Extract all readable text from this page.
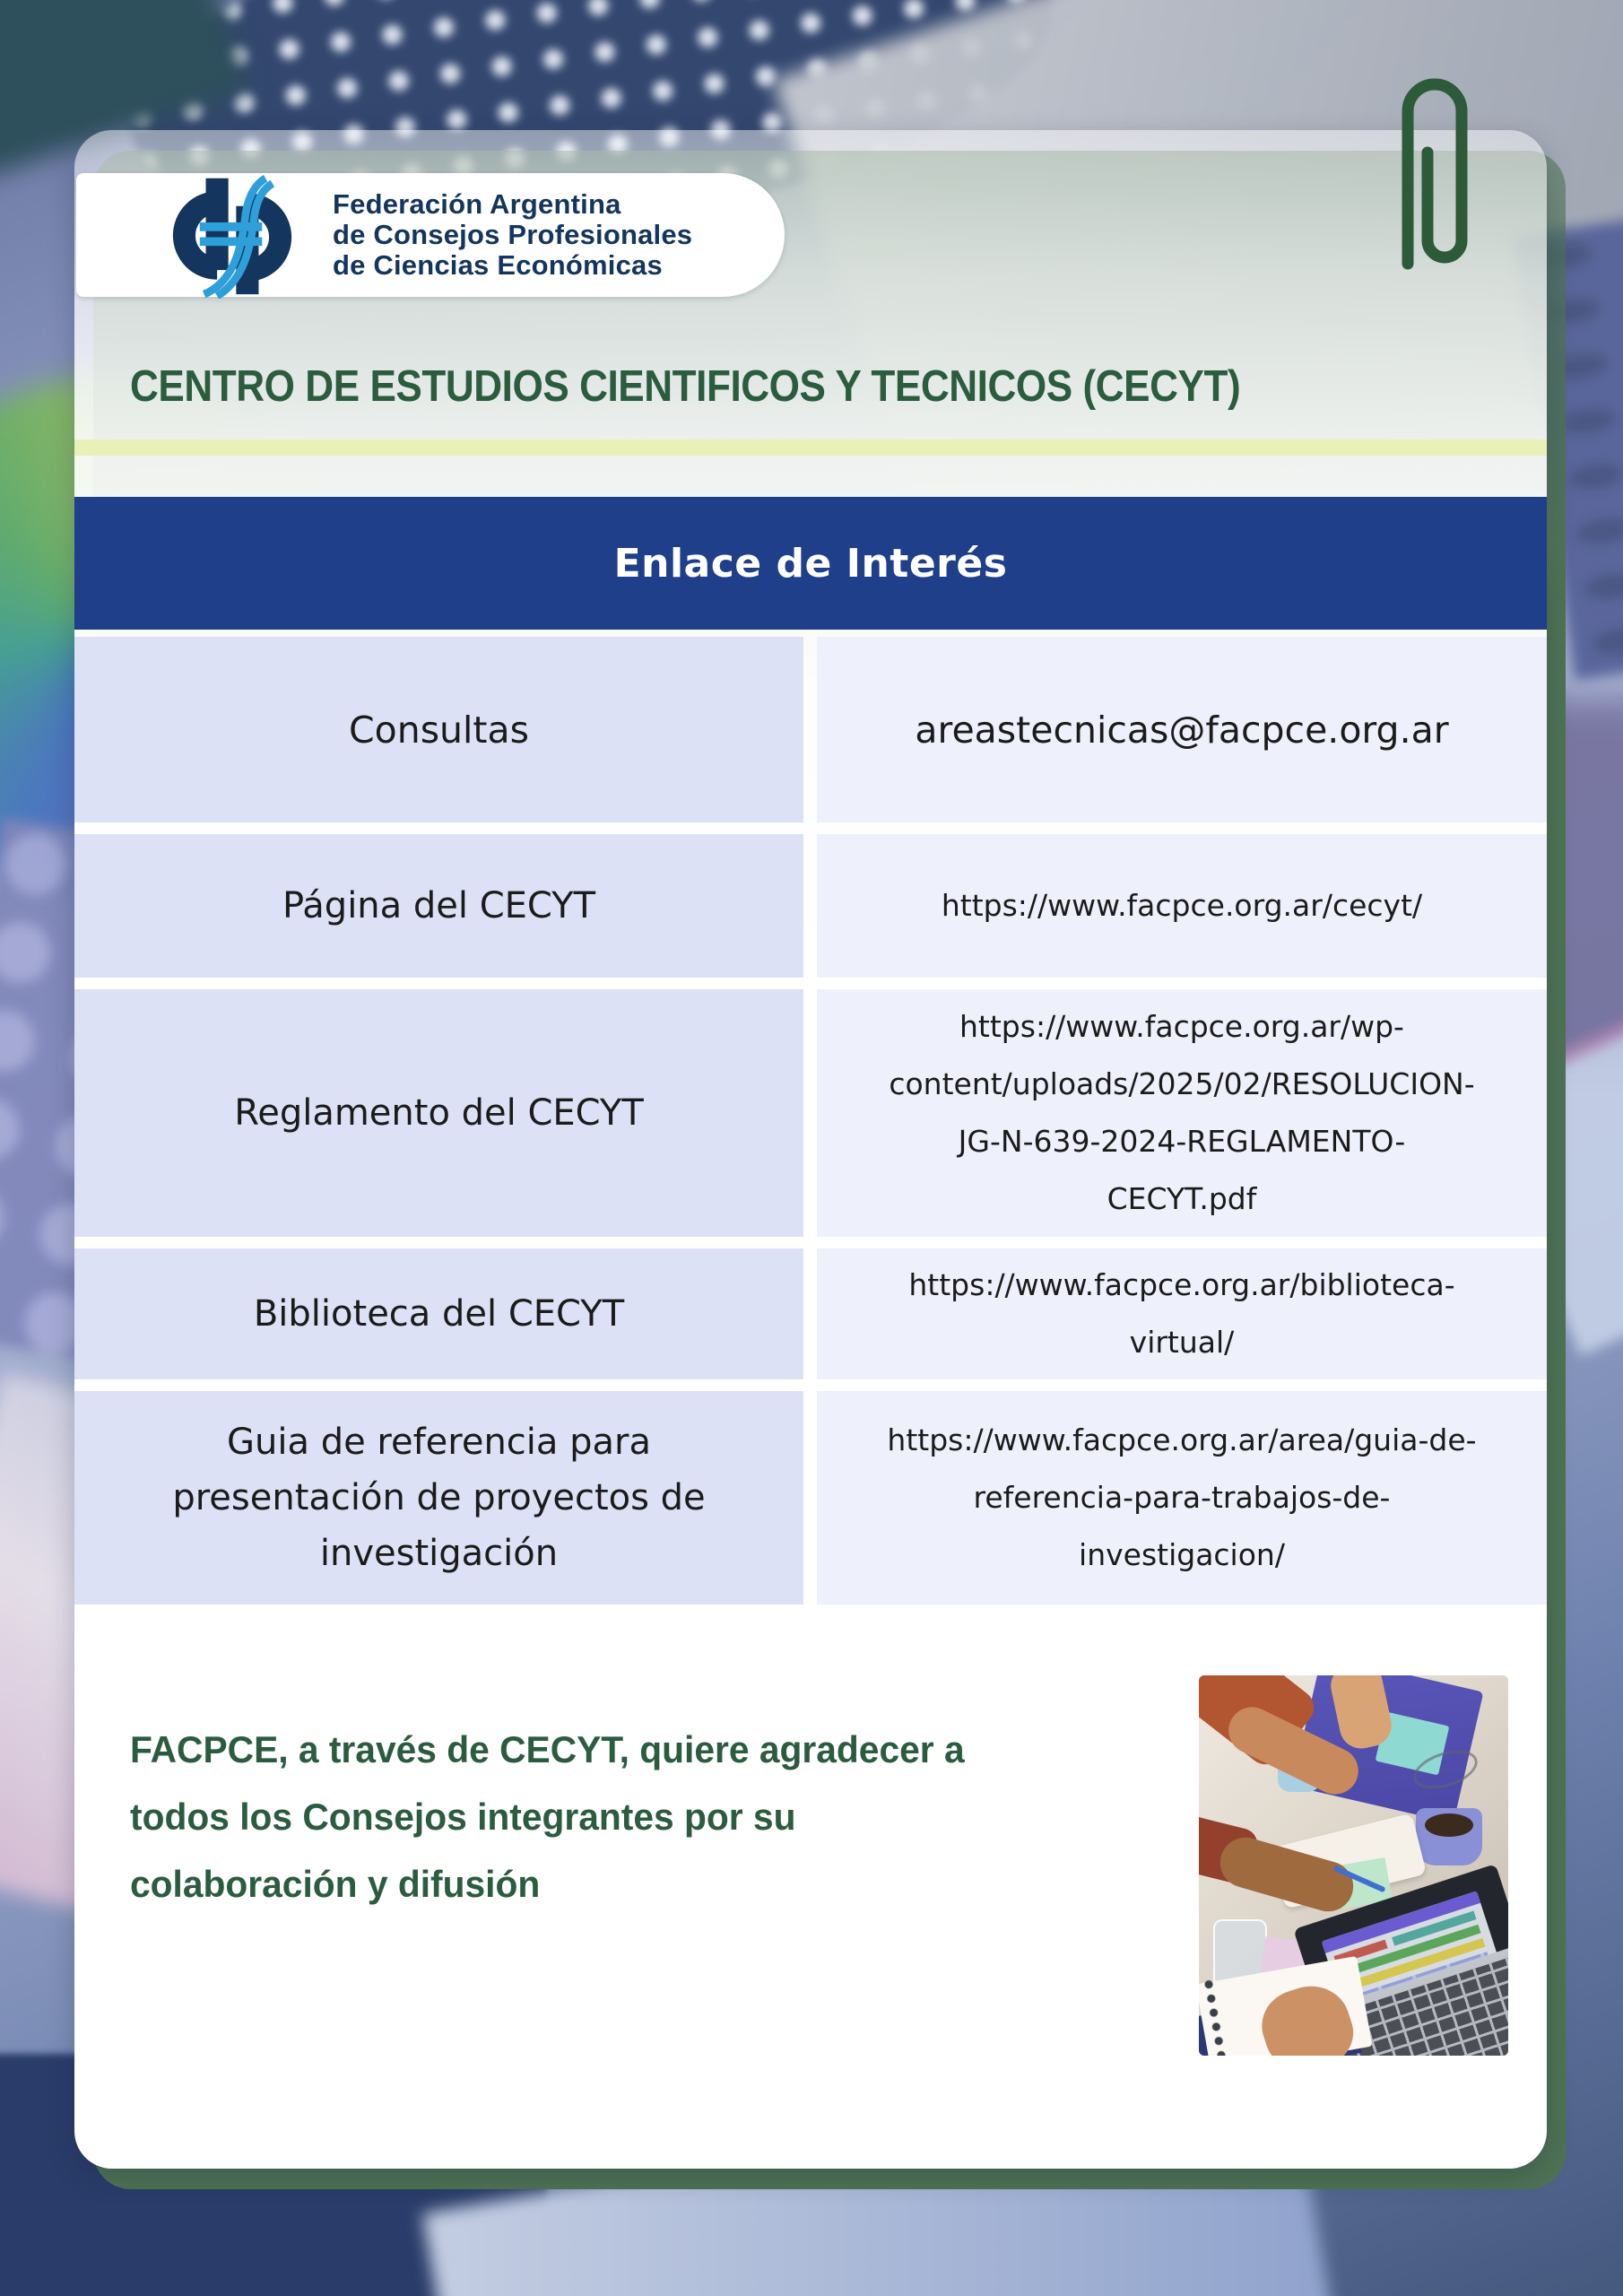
Federación Argentina
de Consejos Profesionales
de Ciencias Económicas
CENTRO DE ESTUDIOS CIENTIFICOS Y TECNICOS (CECYT)
Enlace de Interés
Consultas	areastecnicas@facpce.org.ar
Página del CECYT	https://www.facpce.org.ar/cecyt/
Reglamento del CECYT
https://www.facpce.org.ar/wp-
content/uploads/2025/02/RESOLUCION-
JG-N-639-2024-REGLAMENTO-
CECYT.pdf
Biblioteca del CECYT
https://www.facpce.org.ar/biblioteca-
virtual/
Guia de referencia para
presentación de proyectos de
investigación
https://www.facpce.org.ar/area/guia-de-
referencia-para-trabajos-de-
investigacion/
FACPCE, a través de CECYT, quiere agradecer a
todos los Consejos integrantes por su
colaboración y difusión
